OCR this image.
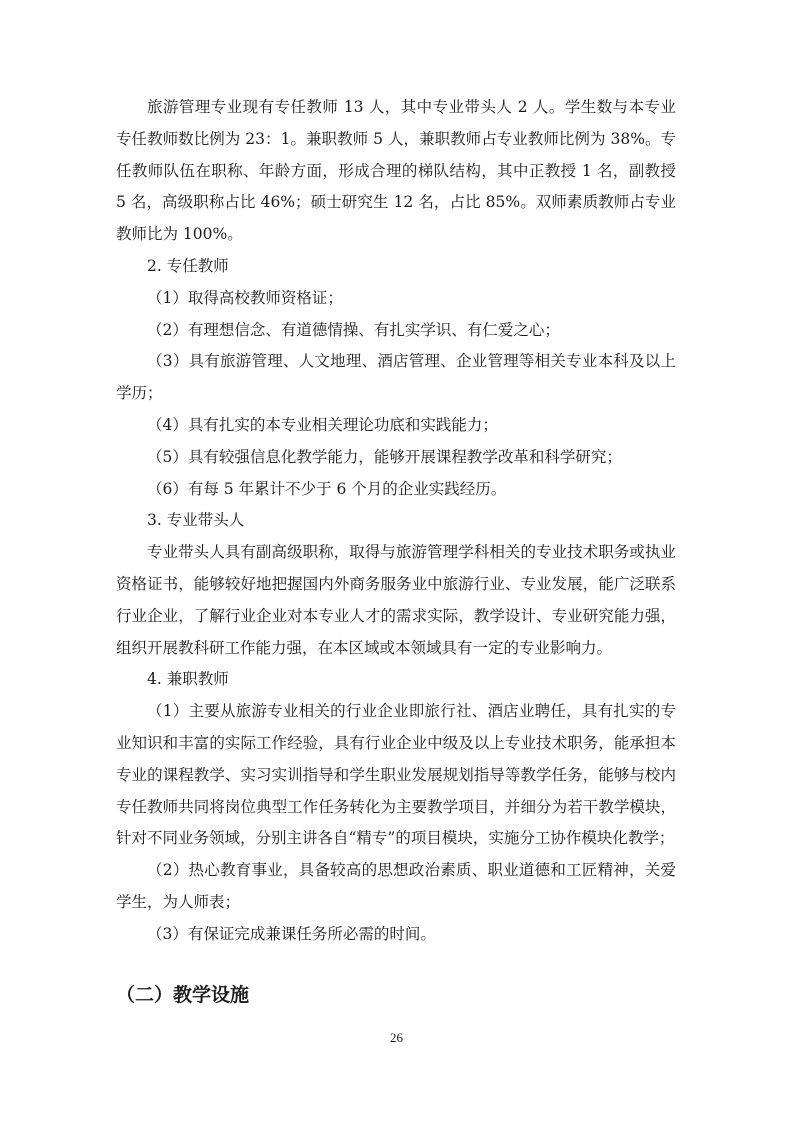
旅游管理专业现有专任教师 13 人，其中专业带头人 2 人。学生数与本专业专任教师数比例为 23：1。兼职教师 5 人，兼职教师占专业教师比例为 38%。专任教师队伍在职称、年龄方面，形成合理的梯队结构，其中正教授 1 名，副教授 5 名，高级职称占比 46%；硕士研究生 12 名，占比 85%。双师素质教师占专业教师比为 100%。

2. 专任教师

（1）取得高校教师资格证；

（2）有理想信念、有道德情操、有扎实学识、有仁爱之心；

（3）具有旅游管理、人文地理、酒店管理、企业管理等相关专业本科及以上学历；

（4）具有扎实的本专业相关理论功底和实践能力；

（5）具有较强信息化教学能力，能够开展课程教学改革和科学研究；

（6）有每 5 年累计不少于 6 个月的企业实践经历。

3. 专业带头人

专业带头人具有副高级职称，取得与旅游管理学科相关的专业技术职务或执业资格证书，能够较好地把握国内外商务服务业中旅游行业、专业发展，能广泛联系行业企业，了解行业企业对本专业人才的需求实际，教学设计、专业研究能力强，组织开展教科研工作能力强，在本区域或本领域具有一定的专业影响力。

4. 兼职教师

（1）主要从旅游专业相关的行业企业即旅行社、酒店业聘任，具有扎实的专业知识和丰富的实际工作经验，具有行业企业中级及以上专业技术职务，能承担本专业的课程教学、实习实训指导和学生职业发展规划指导等教学任务，能够与校内专任教师共同将岗位典型工作任务转化为主要教学项目，并细分为若干教学模块，针对不同业务领域，分别主讲各自“精专”的项目模块，实施分工协作模块化教学；

（2）热心教育事业，具备较高的思想政治素质、职业道德和工匠精神，关爱学生，为人师表；

（3）有保证完成兼课任务所必需的时间。

（二）教学设施
26
